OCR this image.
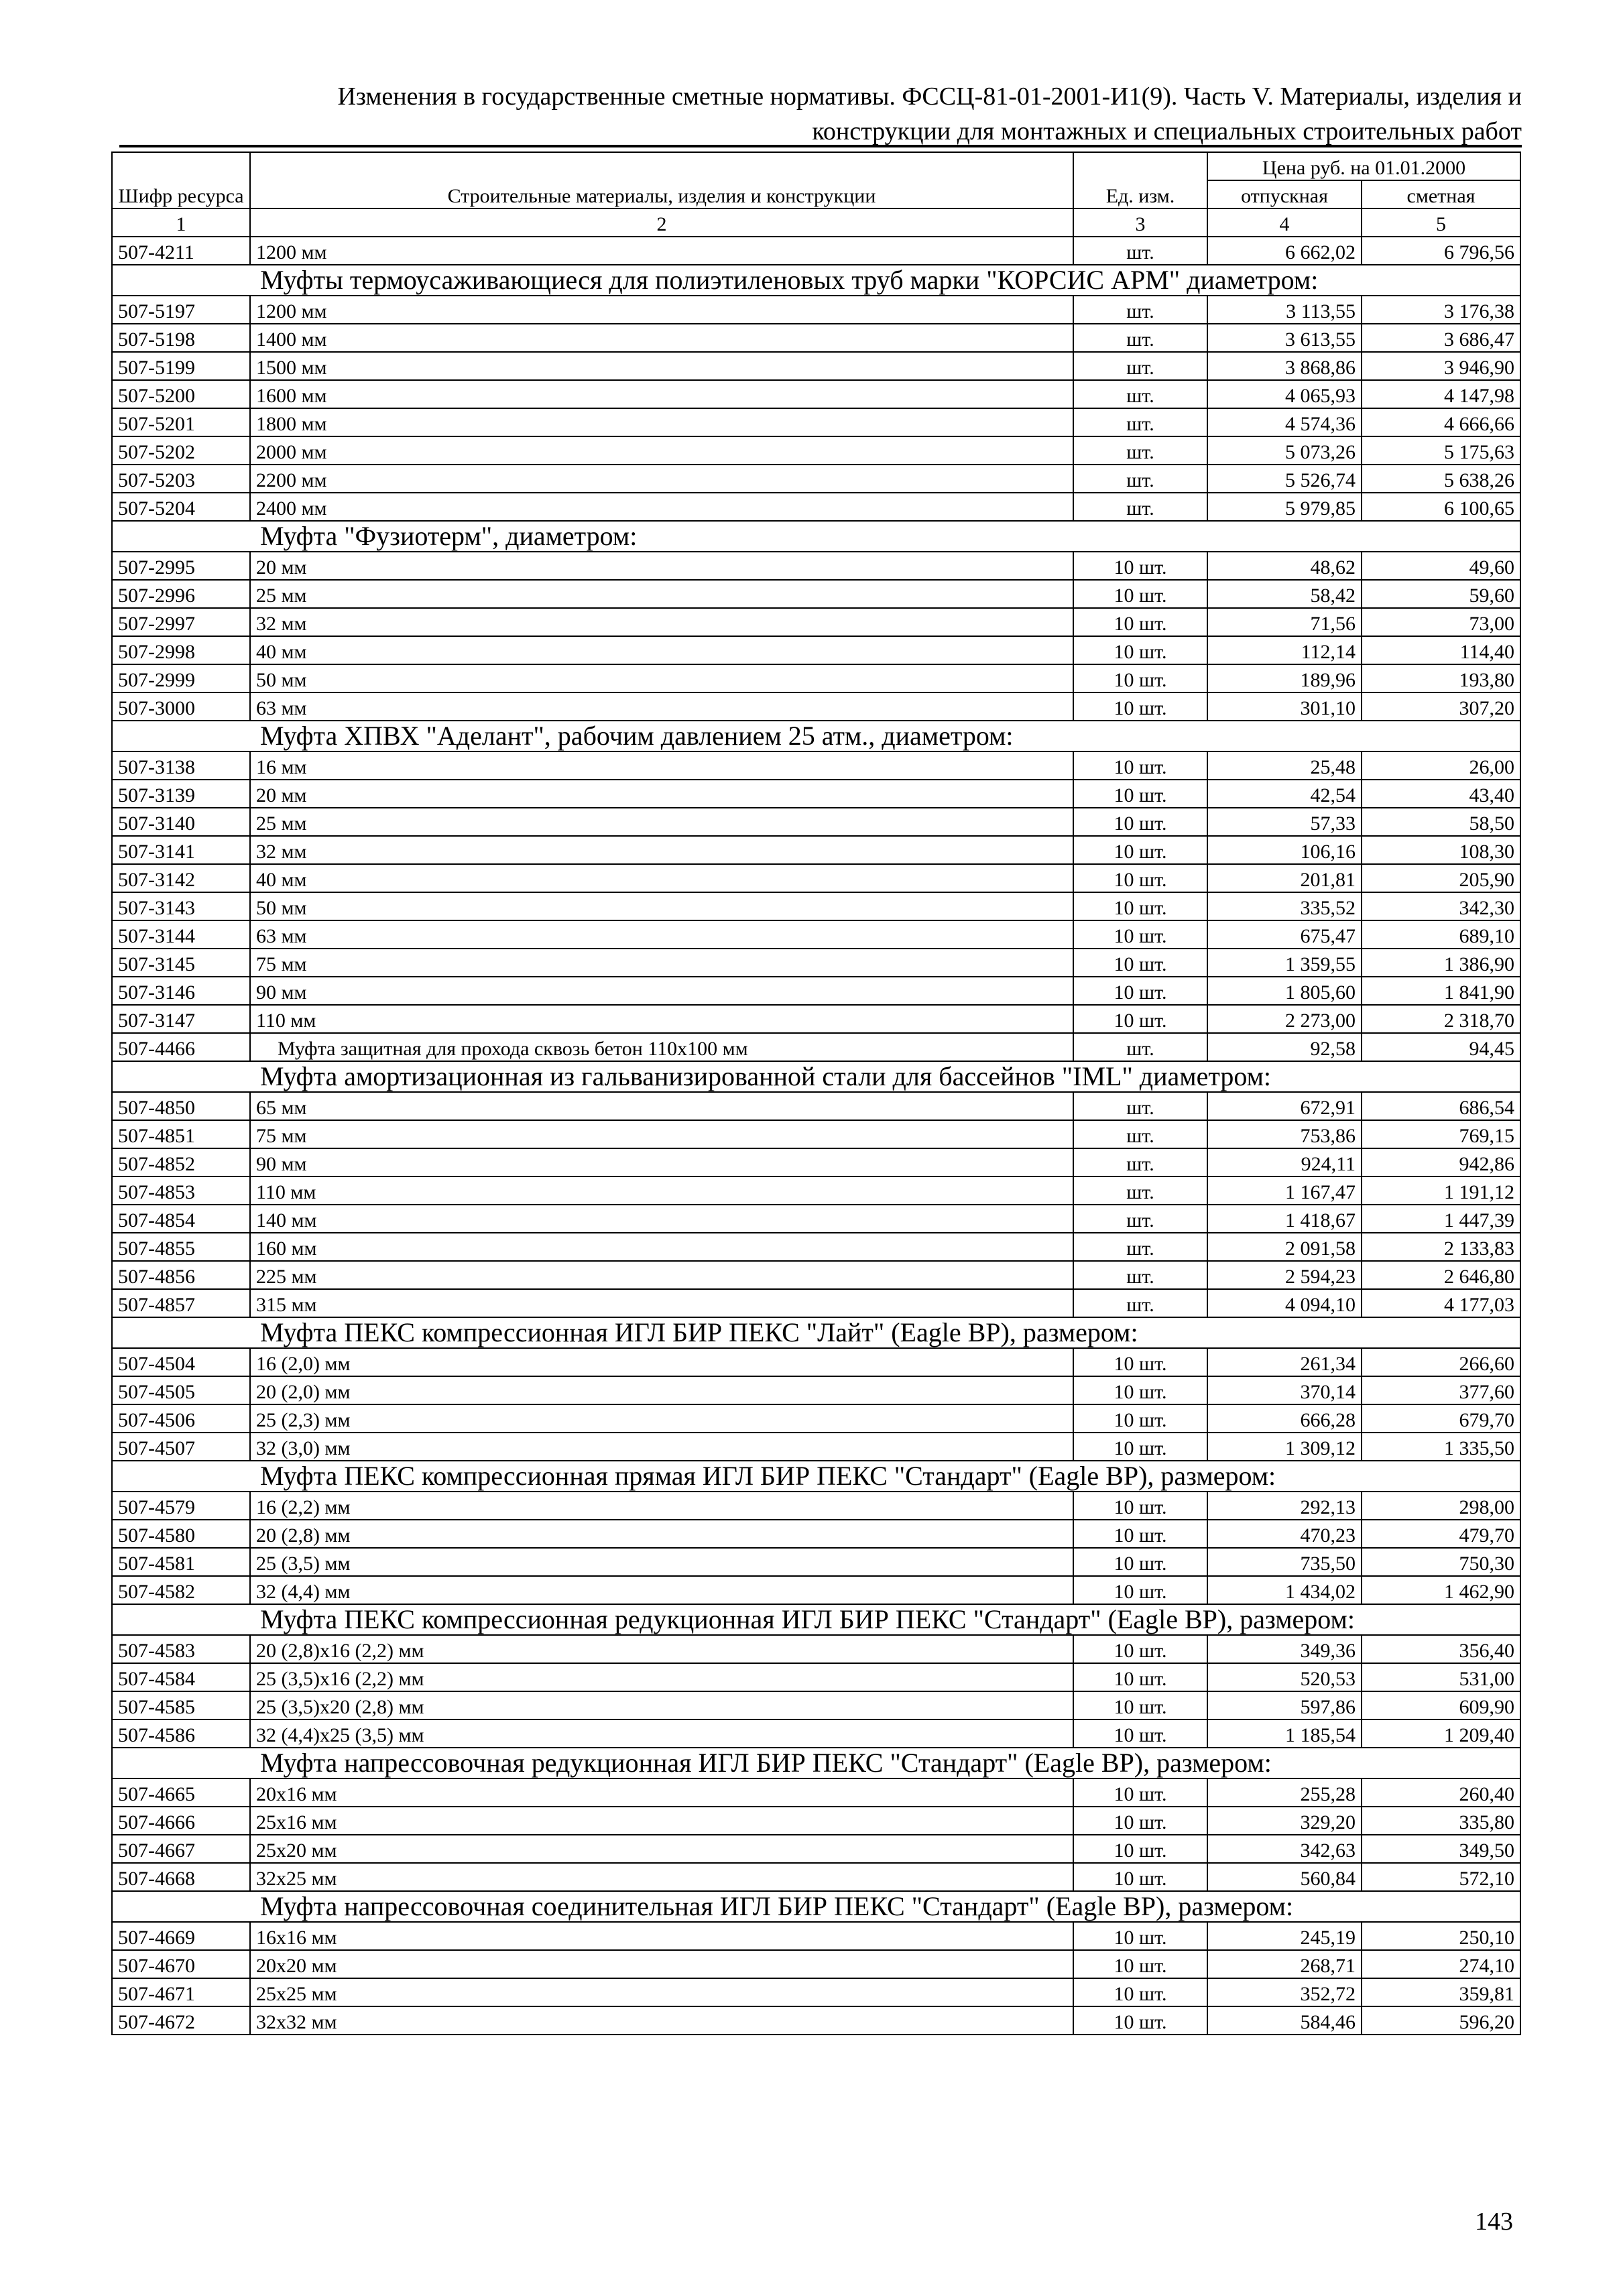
Изменения в государственные сметные нормативы. ФССЦ-81-01-2001-И1(9). Часть V. Материалы, изделия и
конструкции для монтажных и специальных строительных работ
Шифр ресурса	Строительные материалы, изделия и конструкции	Ед. изм.	Цена руб. на 01.01.2000	
			отпускная	сметная
1	2	3	4	5
507-4211	1200 мм	шт.	6 662,02	6 796,56
Муфты термоусаживающиеся для полиэтиленовых труб марки "КОРСИС АРМ" диаметром:				
507-5197	1200 мм	шт.	3 113,55	3 176,38
507-5198	1400 мм	шт.	3 613,55	3 686,47
507-5199	1500 мм	шт.	3 868,86	3 946,90
507-5200	1600 мм	шт.	4 065,93	4 147,98
507-5201	1800 мм	шт.	4 574,36	4 666,66
507-5202	2000 мм	шт.	5 073,26	5 175,63
507-5203	2200 мм	шт.	5 526,74	5 638,26
507-5204	2400 мм	шт.	5 979,85	6 100,65
Муфта "Фузиотерм", диаметром:				
507-2995	20 мм	10 шт.	48,62	49,60
507-2996	25 мм	10 шт.	58,42	59,60
507-2997	32 мм	10 шт.	71,56	73,00
507-2998	40 мм	10 шт.	112,14	114,40
507-2999	50 мм	10 шт.	189,96	193,80
507-3000	63 мм	10 шт.	301,10	307,20
Муфта ХПВХ "Аделант", рабочим давлением 25 атм., диаметром:				
507-3138	16 мм	10 шт.	25,48	26,00
507-3139	20 мм	10 шт.	42,54	43,40
507-3140	25 мм	10 шт.	57,33	58,50
507-3141	32 мм	10 шт.	106,16	108,30
507-3142	40 мм	10 шт.	201,81	205,90
507-3143	50 мм	10 шт.	335,52	342,30
507-3144	63 мм	10 шт.	675,47	689,10
507-3145	75 мм	10 шт.	1 359,55	1 386,90
507-3146	90 мм	10 шт.	1 805,60	1 841,90
507-3147	110 мм	10 шт.	2 273,00	2 318,70
507-4466	Муфта защитная для прохода сквозь бетон 110х100 мм	шт.	92,58	94,45
Муфта амортизационная из гальванизированной стали для бассейнов "IML" диаметром:				
507-4850	65 мм	шт.	672,91	686,54
507-4851	75 мм	шт.	753,86	769,15
507-4852	90 мм	шт.	924,11	942,86
507-4853	110 мм	шт.	1 167,47	1 191,12
507-4854	140 мм	шт.	1 418,67	1 447,39
507-4855	160 мм	шт.	2 091,58	2 133,83
507-4856	225 мм	шт.	2 594,23	2 646,80
507-4857	315 мм	шт.	4 094,10	4 177,03
Муфта ПЕКС компрессионная ИГЛ БИР ПЕКС "Лайт" (Eagle BP), размером:				
507-4504	16 (2,0) мм	10 шт.	261,34	266,60
507-4505	20 (2,0) мм	10 шт.	370,14	377,60
507-4506	25 (2,3) мм	10 шт.	666,28	679,70
507-4507	32 (3,0) мм	10 шт.	1 309,12	1 335,50
Муфта ПЕКС компрессионная прямая ИГЛ БИР ПЕКС "Стандарт" (Eagle BP), размером:				
507-4579	16 (2,2) мм	10 шт.	292,13	298,00
507-4580	20 (2,8) мм	10 шт.	470,23	479,70
507-4581	25 (3,5) мм	10 шт.	735,50	750,30
507-4582	32 (4,4) мм	10 шт.	1 434,02	1 462,90
Муфта ПЕКС компрессионная редукционная ИГЛ БИР ПЕКС "Стандарт" (Eagle BP), размером:				
507-4583	20 (2,8)х16 (2,2) мм	10 шт.	349,36	356,40
507-4584	25 (3,5)х16 (2,2) мм	10 шт.	520,53	531,00
507-4585	25 (3,5)х20 (2,8) мм	10 шт.	597,86	609,90
507-4586	32 (4,4)х25 (3,5) мм	10 шт.	1 185,54	1 209,40
Муфта напрессовочная редукционная ИГЛ БИР ПЕКС "Стандарт" (Eagle BP), размером:				
507-4665	20х16 мм	10 шт.	255,28	260,40
507-4666	25х16 мм	10 шт.	329,20	335,80
507-4667	25х20 мм	10 шт.	342,63	349,50
507-4668	32х25 мм	10 шт.	560,84	572,10
Муфта напрессовочная соединительная ИГЛ БИР ПЕКС "Стандарт" (Eagle BP), размером:				
507-4669	16х16 мм	10 шт.	245,19	250,10
507-4670	20х20 мм	10 шт.	268,71	274,10
507-4671	25х25 мм	10 шт.	352,72	359,81
507-4672	32х32 мм	10 шт.	584,46	596,20
143
